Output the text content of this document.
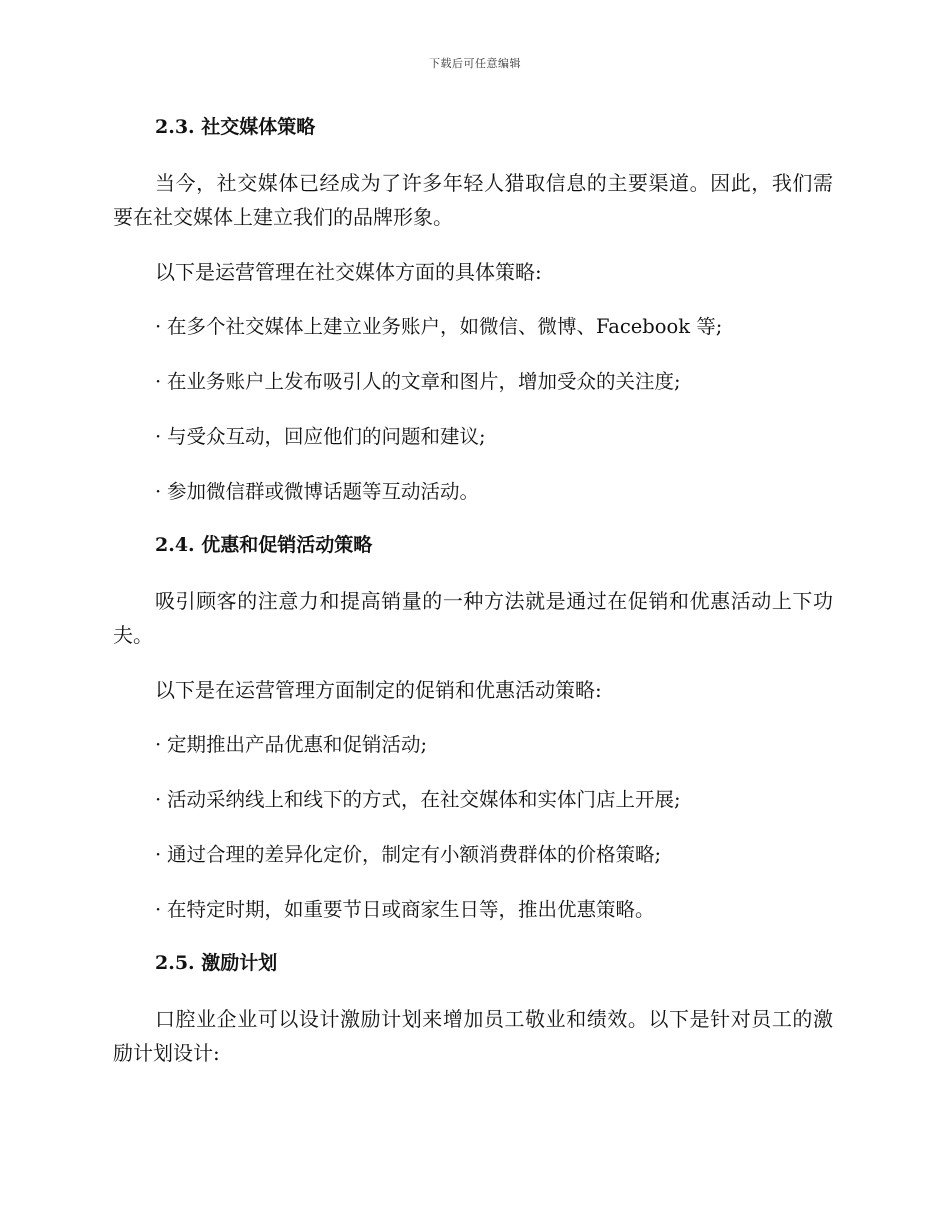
下载后可任意编辑
2.3. 社交媒体策略

当今，社交媒体已经成为了许多年轻人猎取信息的主要渠道。因此，我们需要在社交媒体上建立我们的品牌形象。

以下是运营管理在社交媒体方面的具体策略:

· 在多个社交媒体上建立业务账户，如微信、微博、Facebook 等;
· 在业务账户上发布吸引人的文章和图片，增加受众的关注度;
· 与受众互动，回应他们的问题和建议;
· 参加微信群或微博话题等互动活动。
2.4. 优惠和促销活动策略

吸引顾客的注意力和提高销量的一种方法就是通过在促销和优惠活动上下功夫。

以下是在运营管理方面制定的促销和优惠活动策略:

· 定期推出产品优惠和促销活动;
· 活动采纳线上和线下的方式，在社交媒体和实体门店上开展;
· 通过合理的差异化定价，制定有小额消费群体的价格策略;
· 在特定时期，如重要节日或商家生日等，推出优惠策略。
2.5. 激励计划

口腔业企业可以设计激励计划来增加员工敬业和绩效。以下是针对员工的激励计划设计:
